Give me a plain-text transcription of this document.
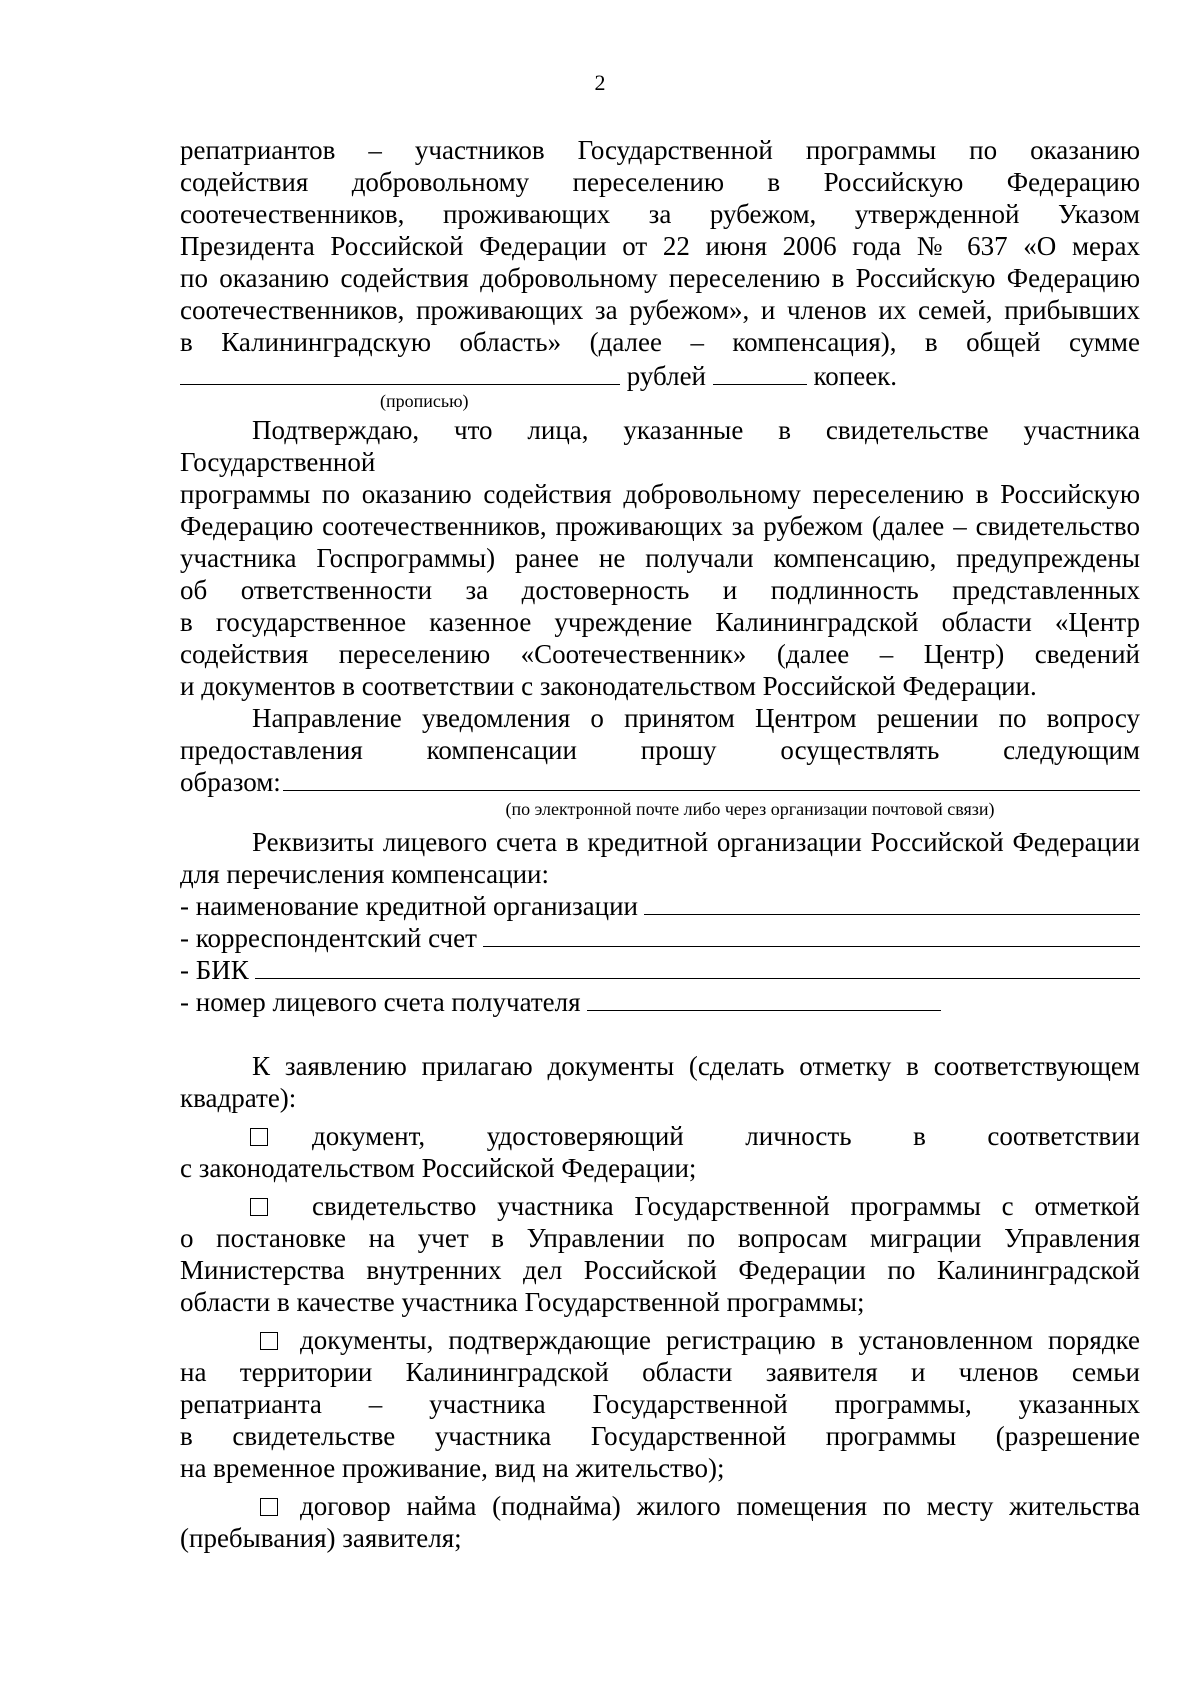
2

репатриантов – участников Государственной программы по оказанию

содействия добровольному переселению в Российскую Федерацию

соотечественников, проживающих за рубежом, утвержденной Указом

Президента Российской Федерации от 22 июня 2006 года № 637 «О мерах

по оказанию содействия добровольному переселению в Российскую Федерацию

соотечественников, проживающих за рубежом», и членов их семей, прибывших

в Калининградскую область» (далее – компенсация), в общей сумме

рублей	копеек.

(прописью)

Подтверждаю, что лица, указанные в свидетельстве участника Государственной

программы по оказанию содействия добровольному переселению в Российскую

Федерацию соотечественников, проживающих за рубежом (далее – свидетельство

участника Госпрограммы) ранее не получали компенсацию, предупреждены

об ответственности за достоверность и подлинность представленных

в государственное казенное учреждение Калининградской области «Центр

содействия переселению «Соотечественник» (далее – Центр) сведений

и документов в соответствии с законодательством Российской Федерации.

Направление уведомления о принятом Центром решении по вопросу

предоставления компенсации прошу осуществлять следующим

образом:

(по электронной почте либо через организации почтовой связи)

Реквизиты лицевого счета в кредитной организации Российской Федерации

для перечисления компенсации:

- наименование кредитной организации
- корреспондентский счет
- БИК
- номер лицевого счета получателя

К заявлению прилагаю документы (сделать отметку в соответствующем

квадрате):

документ, удостоверяющий личность в соответствии

с законодательством Российской Федерации;

свидетельство участника Государственной программы с отметкой

о постановке на учет в Управлении по вопросам миграции Управления

Министерства внутренних дел Российской Федерации по Калининградской

области в качестве участника Государственной программы;

документы, подтверждающие регистрацию в установленном порядке

на территории Калининградской области заявителя и членов семьи

репатрианта – участника Государственной программы, указанных

в свидетельстве участника Государственной программы (разрешение

на временное проживание, вид на жительство);

договор найма (поднайма) жилого помещения по месту жительства

(пребывания) заявителя;
